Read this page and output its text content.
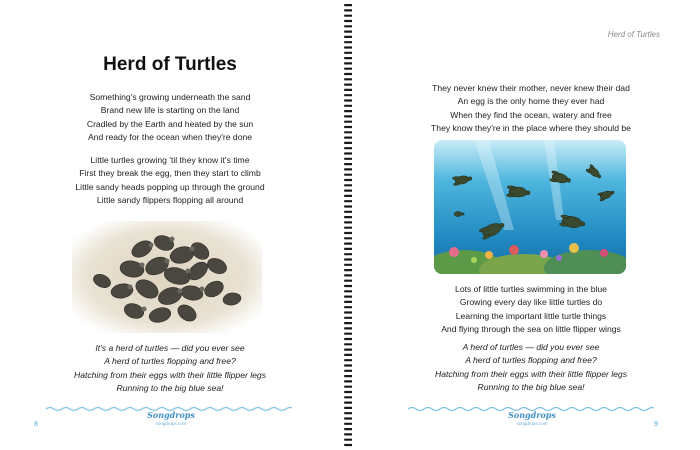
Herd of Turtles
Something's growing underneath the sand
Brand new life is starting on the land
Cradled by the Earth and heated by the sun
And ready for the ocean when they're done
Little turtles growing 'til they know it's time
First they break the egg, then they start to climb
Little sandy heads popping up through the ground
Little sandy flippers flopping all around
It's a herd of turtles — did you ever see
A herd of turtles flopping and free?
Hatching from their eggs with their little flipper legs
Running to the big blue sea!
8
Songdrops
songdrops.com
Herd of Turtles
They never knew their mother, never knew their dad
An egg is the only home they ever had
When they find the ocean, watery and free
They know they're in the place where they should be
Lots of little turtles swimming in the blue
Growing every day like little turtles do
Learning the important little turtle things
And flying through the sea on little flipper wings
A herd of turtles — did you ever see
A herd of turtles flopping and free?
Hatching from their eggs with their little flipper legs
Running to the big blue sea!
Songdrops
songdrops.com	9
